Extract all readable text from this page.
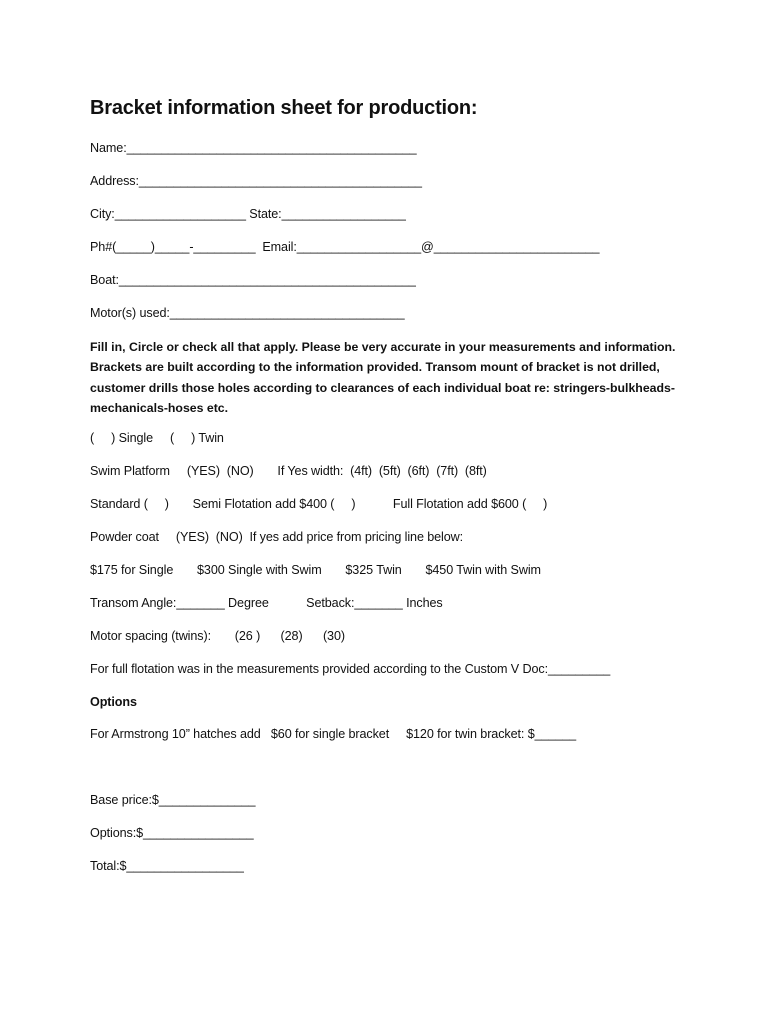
Bracket information sheet for production:
Name:__________________________________________
Address:_________________________________________
City:___________________ State:__________________
Ph#(_____)_____-_________  Email:__________________@________________________
Boat:___________________________________________
Motor(s) used:__________________________________
Fill in, Circle or check all that apply. Please be very accurate in your measurements and information.
Brackets are built according to the information provided. Transom mount of bracket is not drilled,
customer drills those holes according to clearances of each individual boat re: stringers-bulkheads-
mechanicals-hoses etc.
(     ) Single     (     ) Twin
Swim Platform     (YES)  (NO)       If Yes width:  (4ft)  (5ft)  (6ft)  (7ft)  (8ft)
Standard (     )       Semi Flotation add $400 (     )           Full Flotation add $600 (     )
Powder coat     (YES)  (NO)  If yes add price from pricing line below:
$175 for Single       $300 Single with Swim       $325 Twin       $450 Twin with Swim
Transom Angle:_______ Degree           Setback:_______ Inches
Motor spacing (twins):       (26 )      (28)      (30)
For full flotation was in the measurements provided according to the Custom V Doc:_________
Options
For Armstrong 10” hatches add   $60 for single bracket     $120 for twin bracket: $______
Base price:$______________
Options:$________________
Total:$_________________
